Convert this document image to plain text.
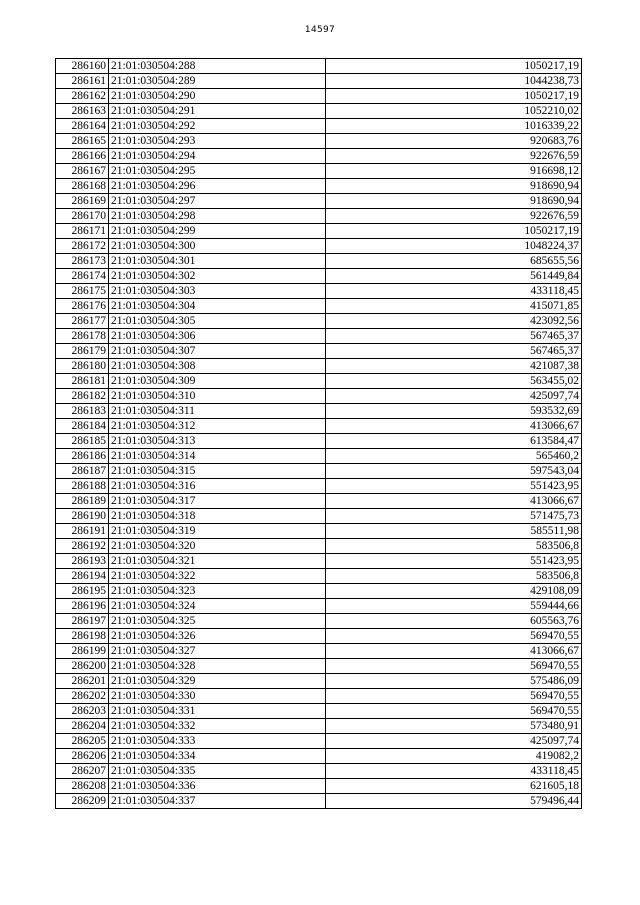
14597
286160	21:01:030504:288	1050217,19
286161	21:01:030504:289	1044238,73
286162	21:01:030504:290	1050217,19
286163	21:01:030504:291	1052210,02
286164	21:01:030504:292	1016339,22
286165	21:01:030504:293	920683,76
286166	21:01:030504:294	922676,59
286167	21:01:030504:295	916698,12
286168	21:01:030504:296	918690,94
286169	21:01:030504:297	918690,94
286170	21:01:030504:298	922676,59
286171	21:01:030504:299	1050217,19
286172	21:01:030504:300	1048224,37
286173	21:01:030504:301	685655,56
286174	21:01:030504:302	561449,84
286175	21:01:030504:303	433118,45
286176	21:01:030504:304	415071,85
286177	21:01:030504:305	423092,56
286178	21:01:030504:306	567465,37
286179	21:01:030504:307	567465,37
286180	21:01:030504:308	421087,38
286181	21:01:030504:309	563455,02
286182	21:01:030504:310	425097,74
286183	21:01:030504:311	593532,69
286184	21:01:030504:312	413066,67
286185	21:01:030504:313	613584,47
286186	21:01:030504:314	565460,2
286187	21:01:030504:315	597543,04
286188	21:01:030504:316	551423,95
286189	21:01:030504:317	413066,67
286190	21:01:030504:318	571475,73
286191	21:01:030504:319	585511,98
286192	21:01:030504:320	583506,8
286193	21:01:030504:321	551423,95
286194	21:01:030504:322	583506,8
286195	21:01:030504:323	429108,09
286196	21:01:030504:324	559444,66
286197	21:01:030504:325	605563,76
286198	21:01:030504:326	569470,55
286199	21:01:030504:327	413066,67
286200	21:01:030504:328	569470,55
286201	21:01:030504:329	575486,09
286202	21:01:030504:330	569470,55
286203	21:01:030504:331	569470,55
286204	21:01:030504:332	573480,91
286205	21:01:030504:333	425097,74
286206	21:01:030504:334	419082,2
286207	21:01:030504:335	433118,45
286208	21:01:030504:336	621605,18
286209	21:01:030504:337	579496,44
